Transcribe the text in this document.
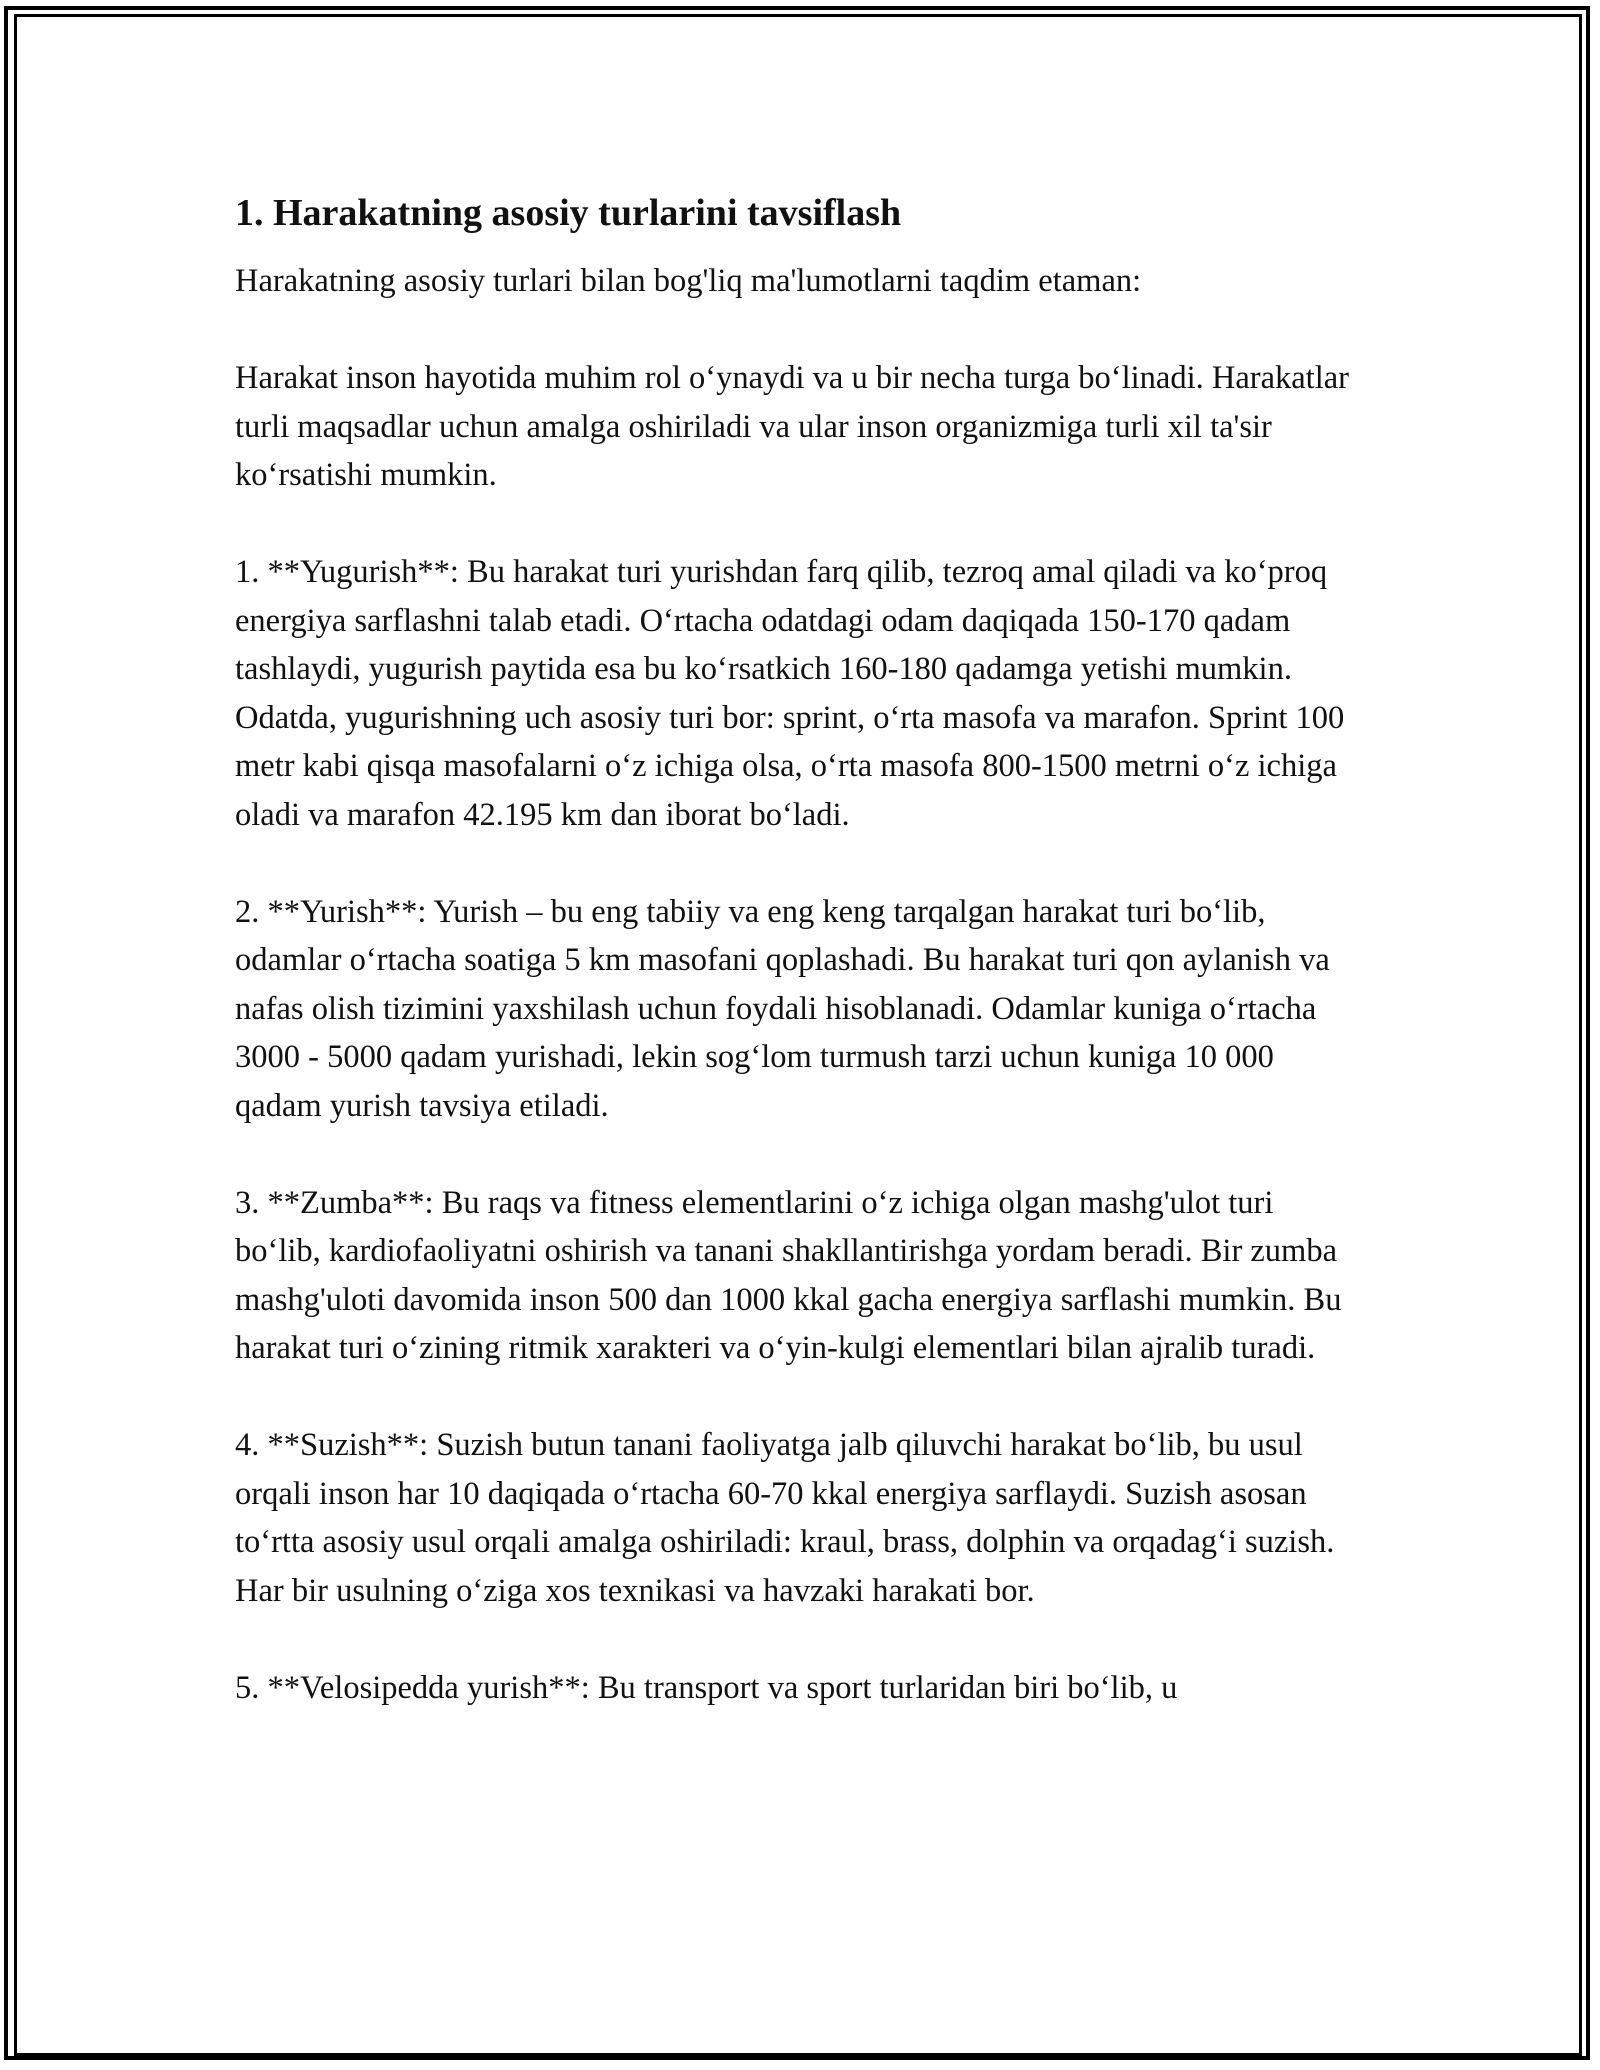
1. Harakatning asosiy turlarini tavsiflash

Harakatning asosiy turlari bilan bog'liq ma'lumotlarni taqdim etaman:

Harakat inson hayotida muhim rol oʻynaydi va u bir necha turga boʻlinadi. Harakatlar turli maqsadlar uchun amalga oshiriladi va ular inson organizmiga turli xil ta'sir koʻrsatishi mumkin.

1. **Yugurish**: Bu harakat turi yurishdan farq qilib, tezroq amal qiladi va koʻproq energiya sarflashni talab etadi. Oʻrtacha odatdagi odam daqiqada 150-170 qadam tashlaydi, yugurish paytida esa bu koʻrsatkich 160-180 qadamga yetishi mumkin. Odatda, yugurishning uch asosiy turi bor: sprint, oʻrta masofa va marafon. Sprint 100 metr kabi qisqa masofalarni oʻz ichiga olsa, oʻrta masofa 800-1500 metrni oʻz ichiga oladi va marafon 42.195 km dan iborat boʻladi.

2. **Yurish**: Yurish – bu eng tabiiy va eng keng tarqalgan harakat turi boʻlib, odamlar oʻrtacha soatiga 5 km masofani qoplashadi. Bu harakat turi qon aylanish va nafas olish tizimini yaxshilash uchun foydali hisoblanadi. Odamlar kuniga oʻrtacha 3000 - 5000 qadam yurishadi, lekin sogʻlom turmush tarzi uchun kuniga 10 000 qadam yurish tavsiya etiladi.

3. **Zumba**: Bu raqs va fitness elementlarini oʻz ichiga olgan mashg'ulot turi boʻlib, kardiofaoliyatni oshirish va tanani shakllantirishga yordam beradi. Bir zumba mashg'uloti davomida inson 500 dan 1000 kkal gacha energiya sarflashi mumkin. Bu harakat turi oʻzining ritmik xarakteri va oʻyin-kulgi elementlari bilan ajralib turadi.

4. **Suzish**: Suzish butun tanani faoliyatga jalb qiluvchi harakat boʻlib, bu usul orqali inson har 10 daqiqada oʻrtacha 60-70 kkal energiya sarflaydi. Suzish asosan toʻrtta asosiy usul orqali amalga oshiriladi: kraul, brass, dolphin va orqadagʻi suzish. Har bir usulning oʻziga xos texnikasi va havzaki harakati bor.

5. **Velosipedda yurish**: Bu transport va sport turlaridan biri boʻlib, u
